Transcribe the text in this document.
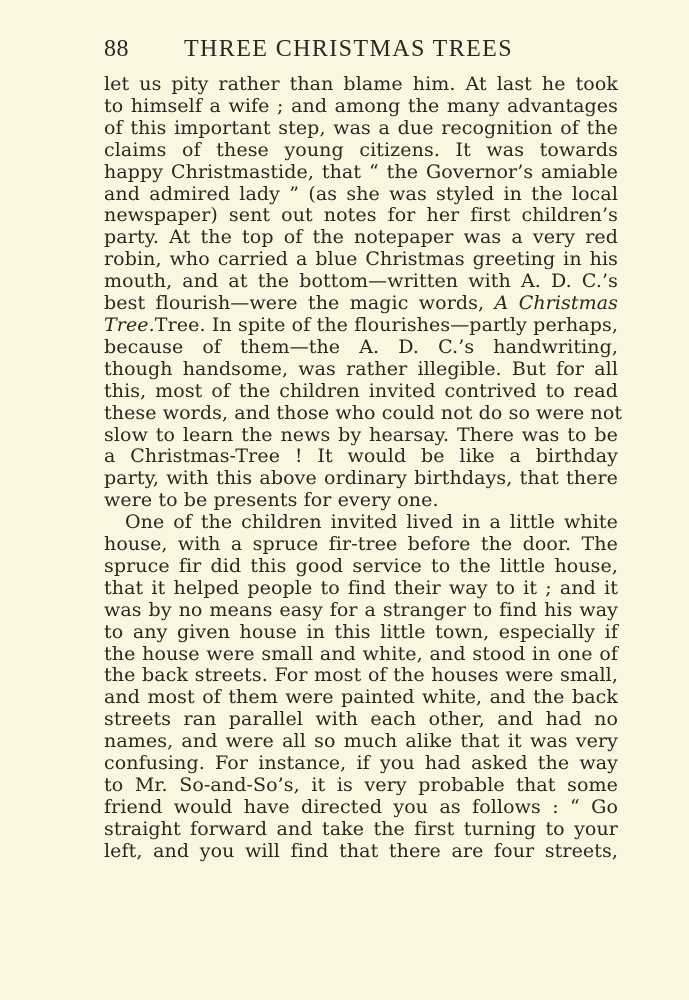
88 THREE CHRISTMAS TREES
let us pity rather than blame him. At last he took
to himself a wife ; and among the many advantages
of this important step, was a due recognition of the
claims of these young citizens. It was towards
happy Christmastide, that “ the Governor’s amiable
and admired lady ” (as she was styled in the local
newspaper) sent out notes for her first children’s
party. At the top of the notepaper was a very red
robin, who carried a blue Christmas greeting in his
mouth, and at the bottom—written with A. D. C.’s
best flourish—were the magic words, A Christmas
Tree.Tree. In spite of the flourishes—partly perhaps,
because of them—the A. D. C.’s handwriting,
though handsome, was rather illegible. But for all
this, most of the children invited contrived to read
these words, and those who could not do so were not
slow to learn the news by hearsay. There was to be
a Christmas-Tree ! It would be like a birthday
party, with this above ordinary birthdays, that there
were to be presents for every one.
One of the children invited lived in a little white
house, with a spruce fir-tree before the door. The
spruce fir did this good service to the little house,
that it helped people to find their way to it ; and it
was by no means easy for a stranger to find his way
to any given house in this little town, especially if
the house were small and white, and stood in one of
the back streets. For most of the houses were small,
and most of them were painted white, and the back
streets ran parallel with each other, and had no
names, and were all so much alike that it was very
confusing. For instance, if you had asked the way
to Mr. So-and-So’s, it is very probable that some
friend would have directed you as follows : “ Go
straight forward and take the first turning to your
left, and you will find that there are four streets,
